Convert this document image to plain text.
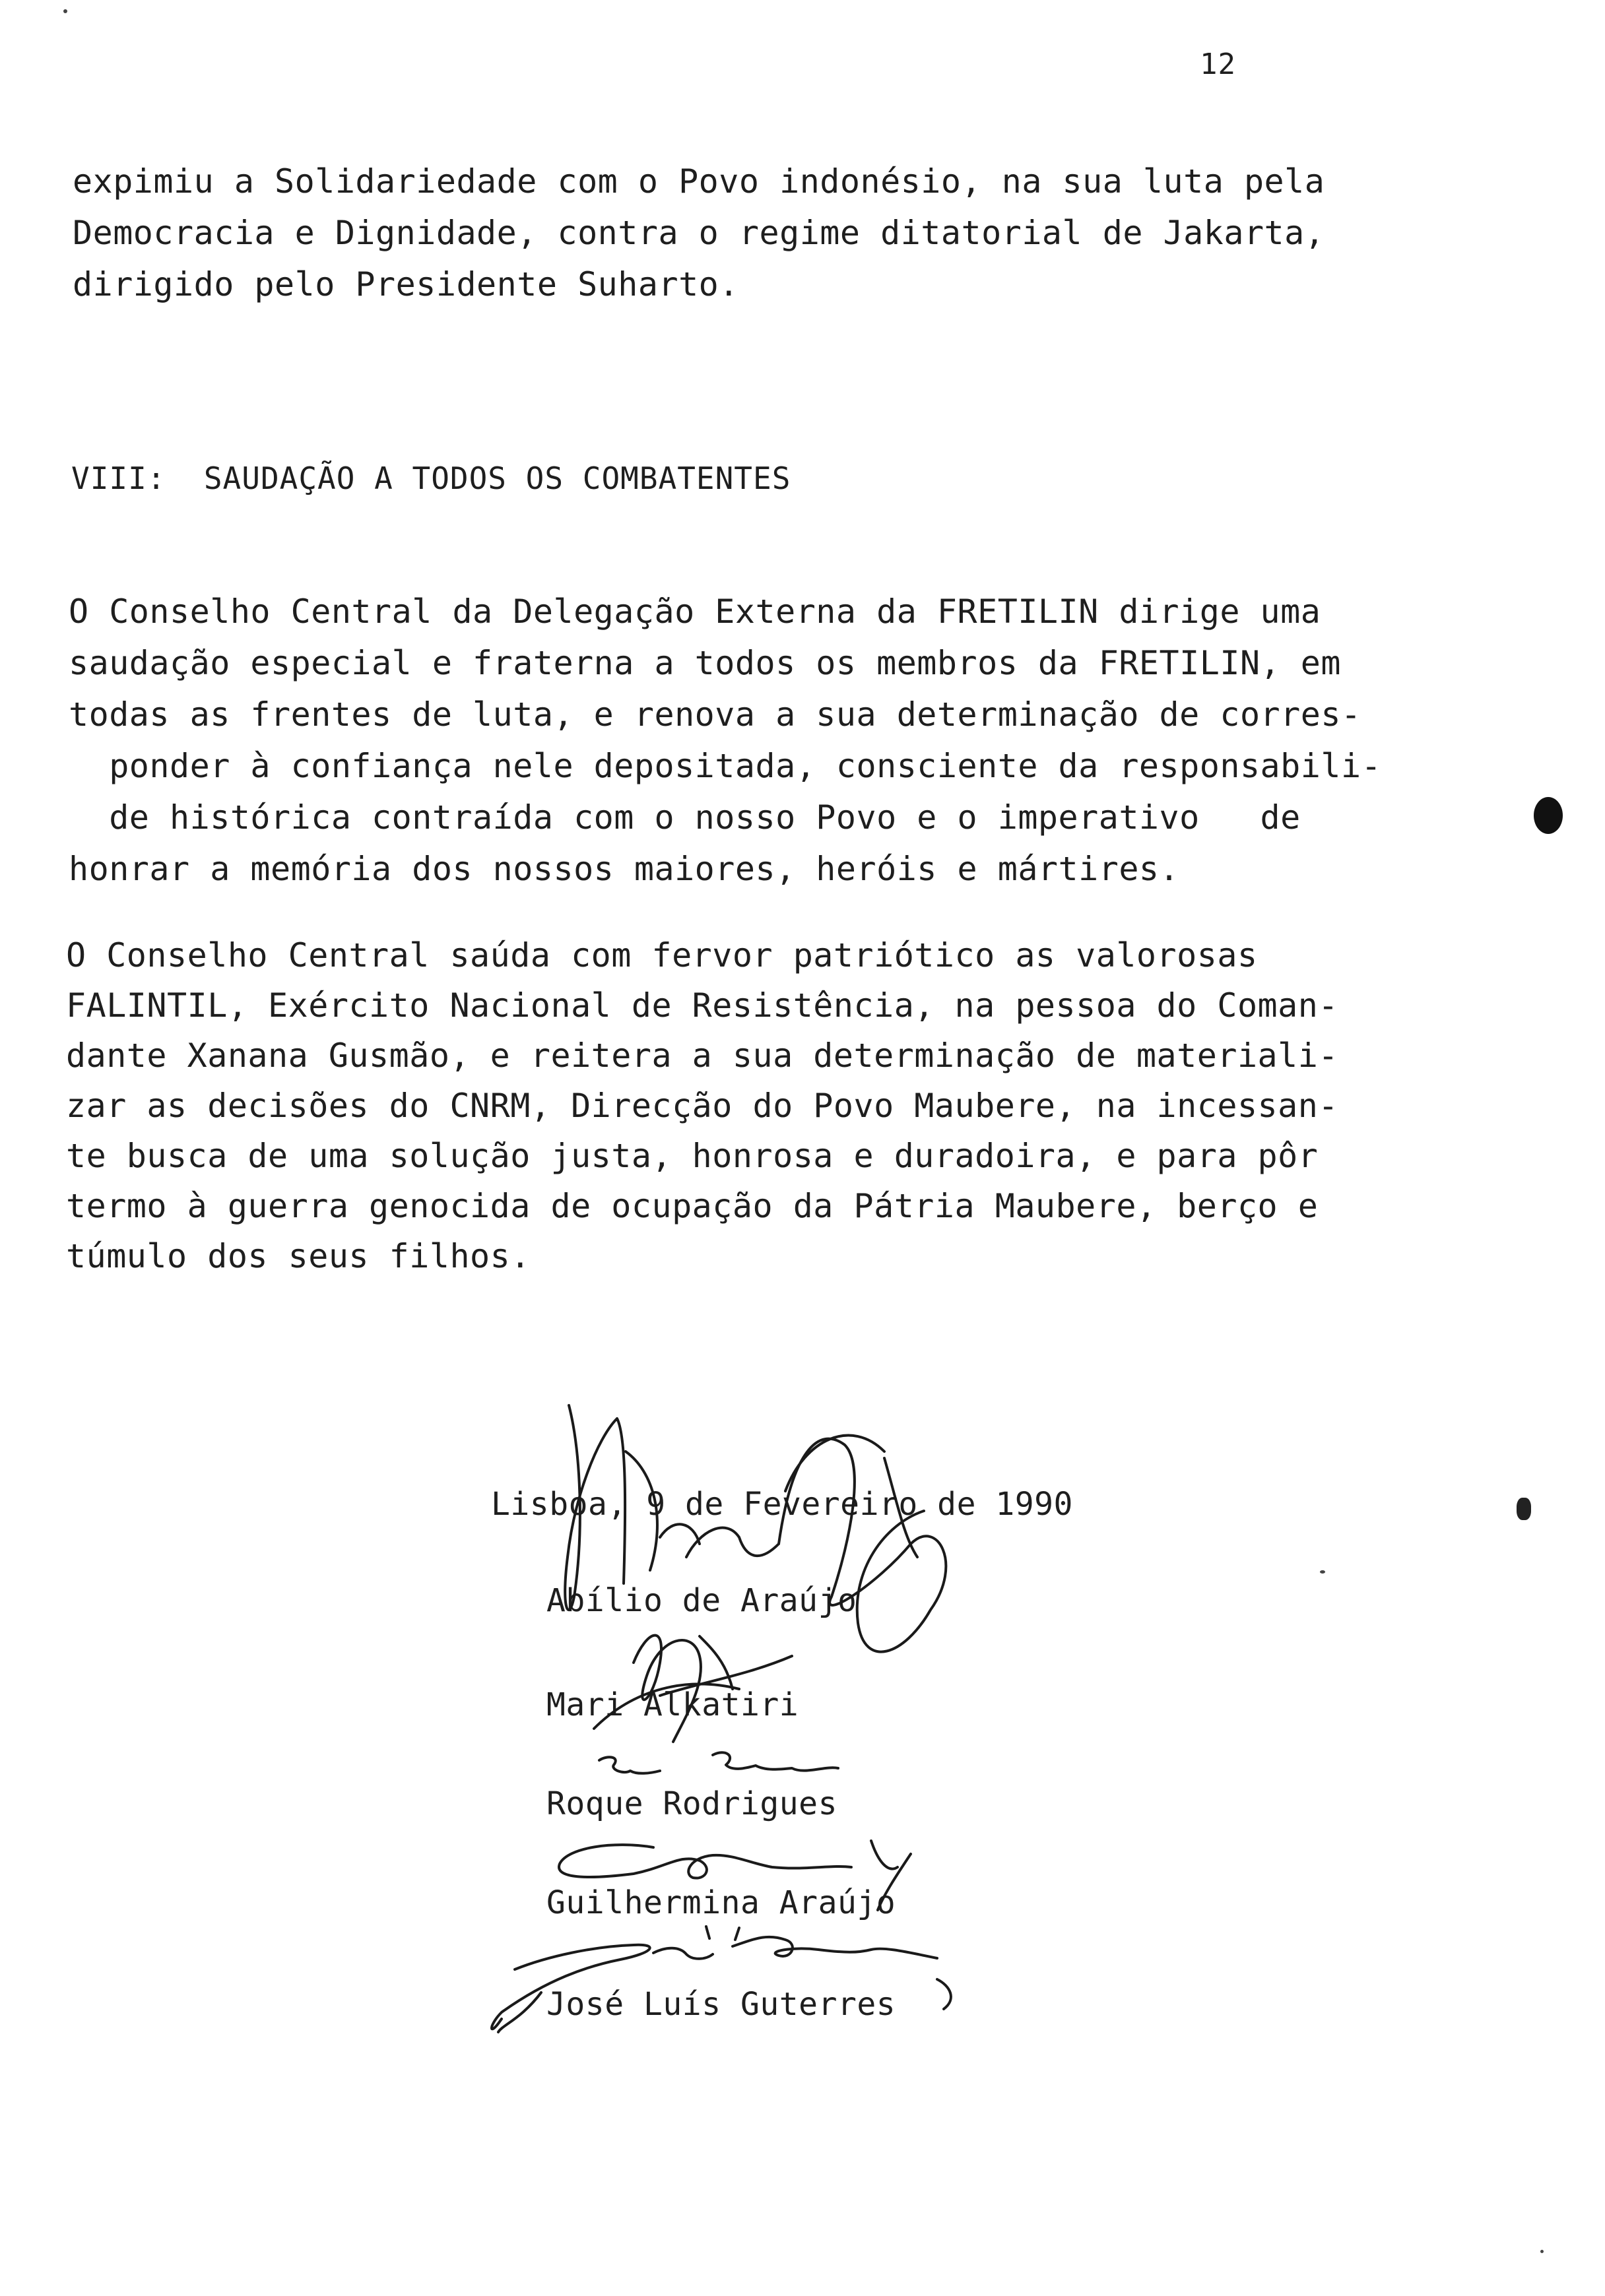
12
expimiu a Solidariedade com o Povo indonésio, na sua luta pela
Democracia e Dignidade, contra o regime ditatorial de Jakarta,
dirigido pelo Presidente Suharto.
VIII:  SAUDAÇÃO A TODOS OS COMBATENTES
O Conselho Central da Delegação Externa da FRETILIN dirige uma
saudação especial e fraterna a todos os membros da FRETILIN, em
todas as frentes de luta, e renova a sua determinação de corres-
ponder à confiança nele depositada, consciente da responsabili-
de histórica contraída com o nosso Povo e o imperativo   de
honrar a memória dos nossos maiores, heróis e mártires.
O Conselho Central saúda com fervor patriótico as valorosas
FALINTIL, Exército Nacional de Resistência, na pessoa do Coman-
dante Xanana Gusmão, e reitera a sua determinação de materiali-
zar as decisões do CNRM, Direcção do Povo Maubere, na incessan-
te busca de uma solução justa, honrosa e duradoira, e para pôr
termo à guerra genocida de ocupação da Pátria Maubere, berço e
túmulo dos seus filhos.
Lisboa, 9 de Fevereiro de 1990
Abílio de Araújo
Mari Alkatiri
Roque Rodrigues
Guilhermina Araújo
José Luís Guterres
